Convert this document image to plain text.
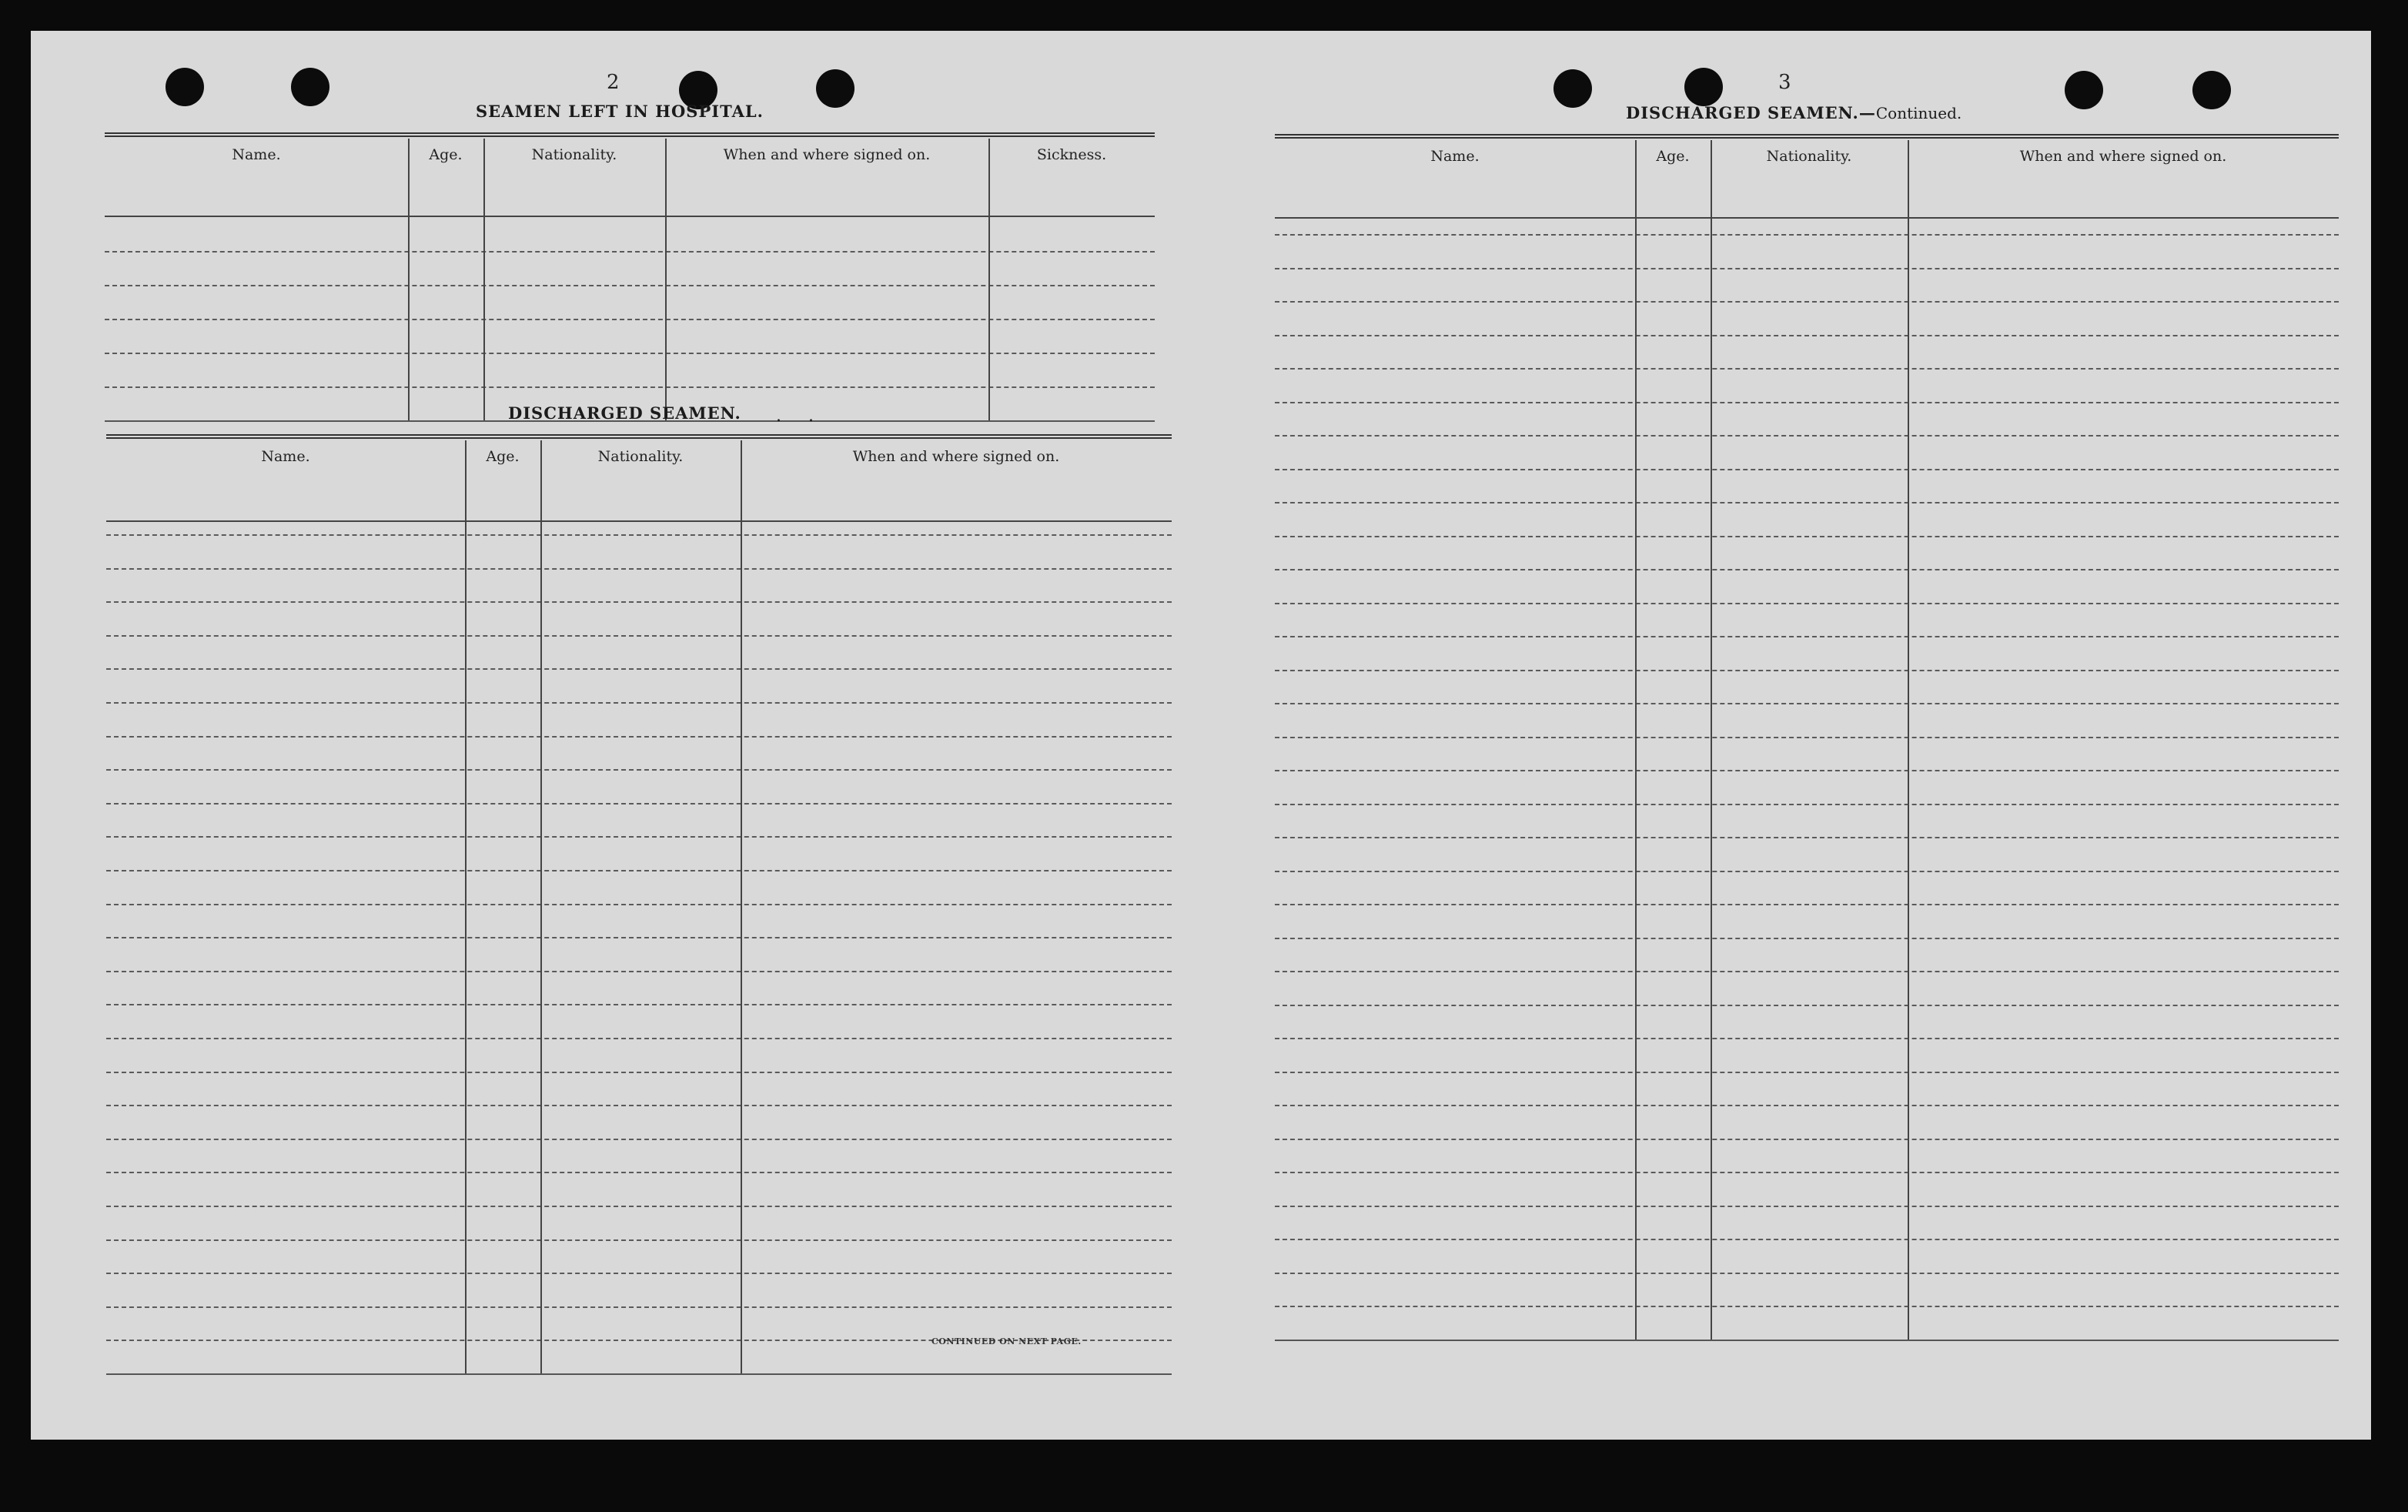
2
SEAMEN LEFT IN HOSPITAL.
Name.	Age.	Nationality.	When and where signed on.	Sickness.
DISCHARGED SEAMEN. . .
Name.	Age.	Nationality.	When and where signed on.
CONTINUED ON NEXT PAGE.
3
DISCHARGED SEAMEN.—Continued.
Name.	Age.	Nationality.	When and where signed on.
